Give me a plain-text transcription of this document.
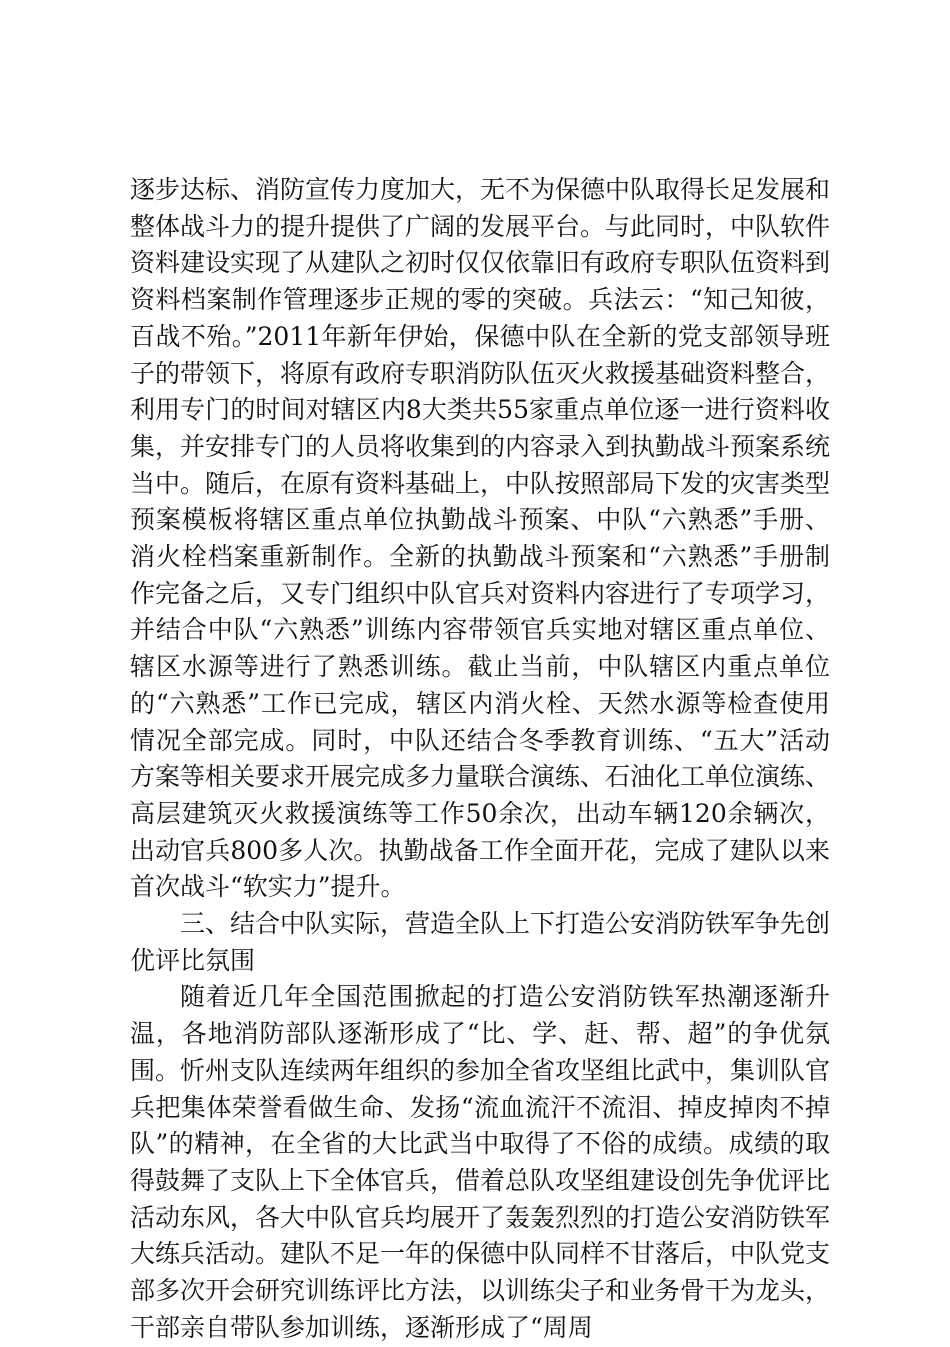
逐步达标、消防宣传力度加大，无不为保德中队取得长足发展和整体战斗力的提升提供了广阔的发展平台。与此同时，中队软件资料建设实现了从建队之初时仅仅依靠旧有政府专职队伍资料到资料档案制作管理逐步正规的零的突破。兵法云：“知己知彼，百战不殆。”2011年新年伊始，保德中队在全新的党支部领导班子的带领下，将原有政府专职消防队伍灭火救援基础资料整合，利用专门的时间对辖区内8大类共55家重点单位逐一进行资料收集，并安排专门的人员将收集到的内容录入到执勤战斗预案系统当中。随后，在原有资料基础上，中队按照部局下发的灾害类型预案模板将辖区重点单位执勤战斗预案、中队“六熟悉”手册、消火栓档案重新制作。全新的执勤战斗预案和“六熟悉”手册制作完备之后，又专门组织中队官兵对资料内容进行了专项学习，并结合中队“六熟悉”训练内容带领官兵实地对辖区重点单位、辖区水源等进行了熟悉训练。截止当前，中队辖区内重点单位的“六熟悉”工作已完成，辖区内消火栓、天然水源等检查使用情况全部完成。同时，中队还结合冬季教育训练、“五大”活动方案等相关要求开展完成多力量联合演练、石油化工单位演练、高层建筑灭火救援演练等工作50余次，出动车辆120余辆次，出动官兵800多人次。执勤战备工作全面开花，完成了建队以来首次战斗“软实力”提升。

三、结合中队实际，营造全队上下打造公安消防铁军争先创优评比氛围

随着近几年全国范围掀起的打造公安消防铁军热潮逐渐升温，各地消防部队逐渐形成了“比、学、赶、帮、超”的争优氛围。忻州支队连续两年组织的参加全省攻坚组比武中，集训队官兵把集体荣誉看做生命、发扬“流血流汗不流泪、掉皮掉肉不掉队”的精神，在全省的大比武当中取得了不俗的成绩。成绩的取得鼓舞了支队上下全体官兵，借着总队攻坚组建设创先争优评比活动东风，各大中队官兵均展开了轰轰烈烈的打造公安消防铁军大练兵活动。建队不足一年的保德中队同样不甘落后，中队党支部多次开会研究训练评比方法，以训练尖子和业务骨干为龙头，干部亲自带队参加训练，逐渐形成了“周周
